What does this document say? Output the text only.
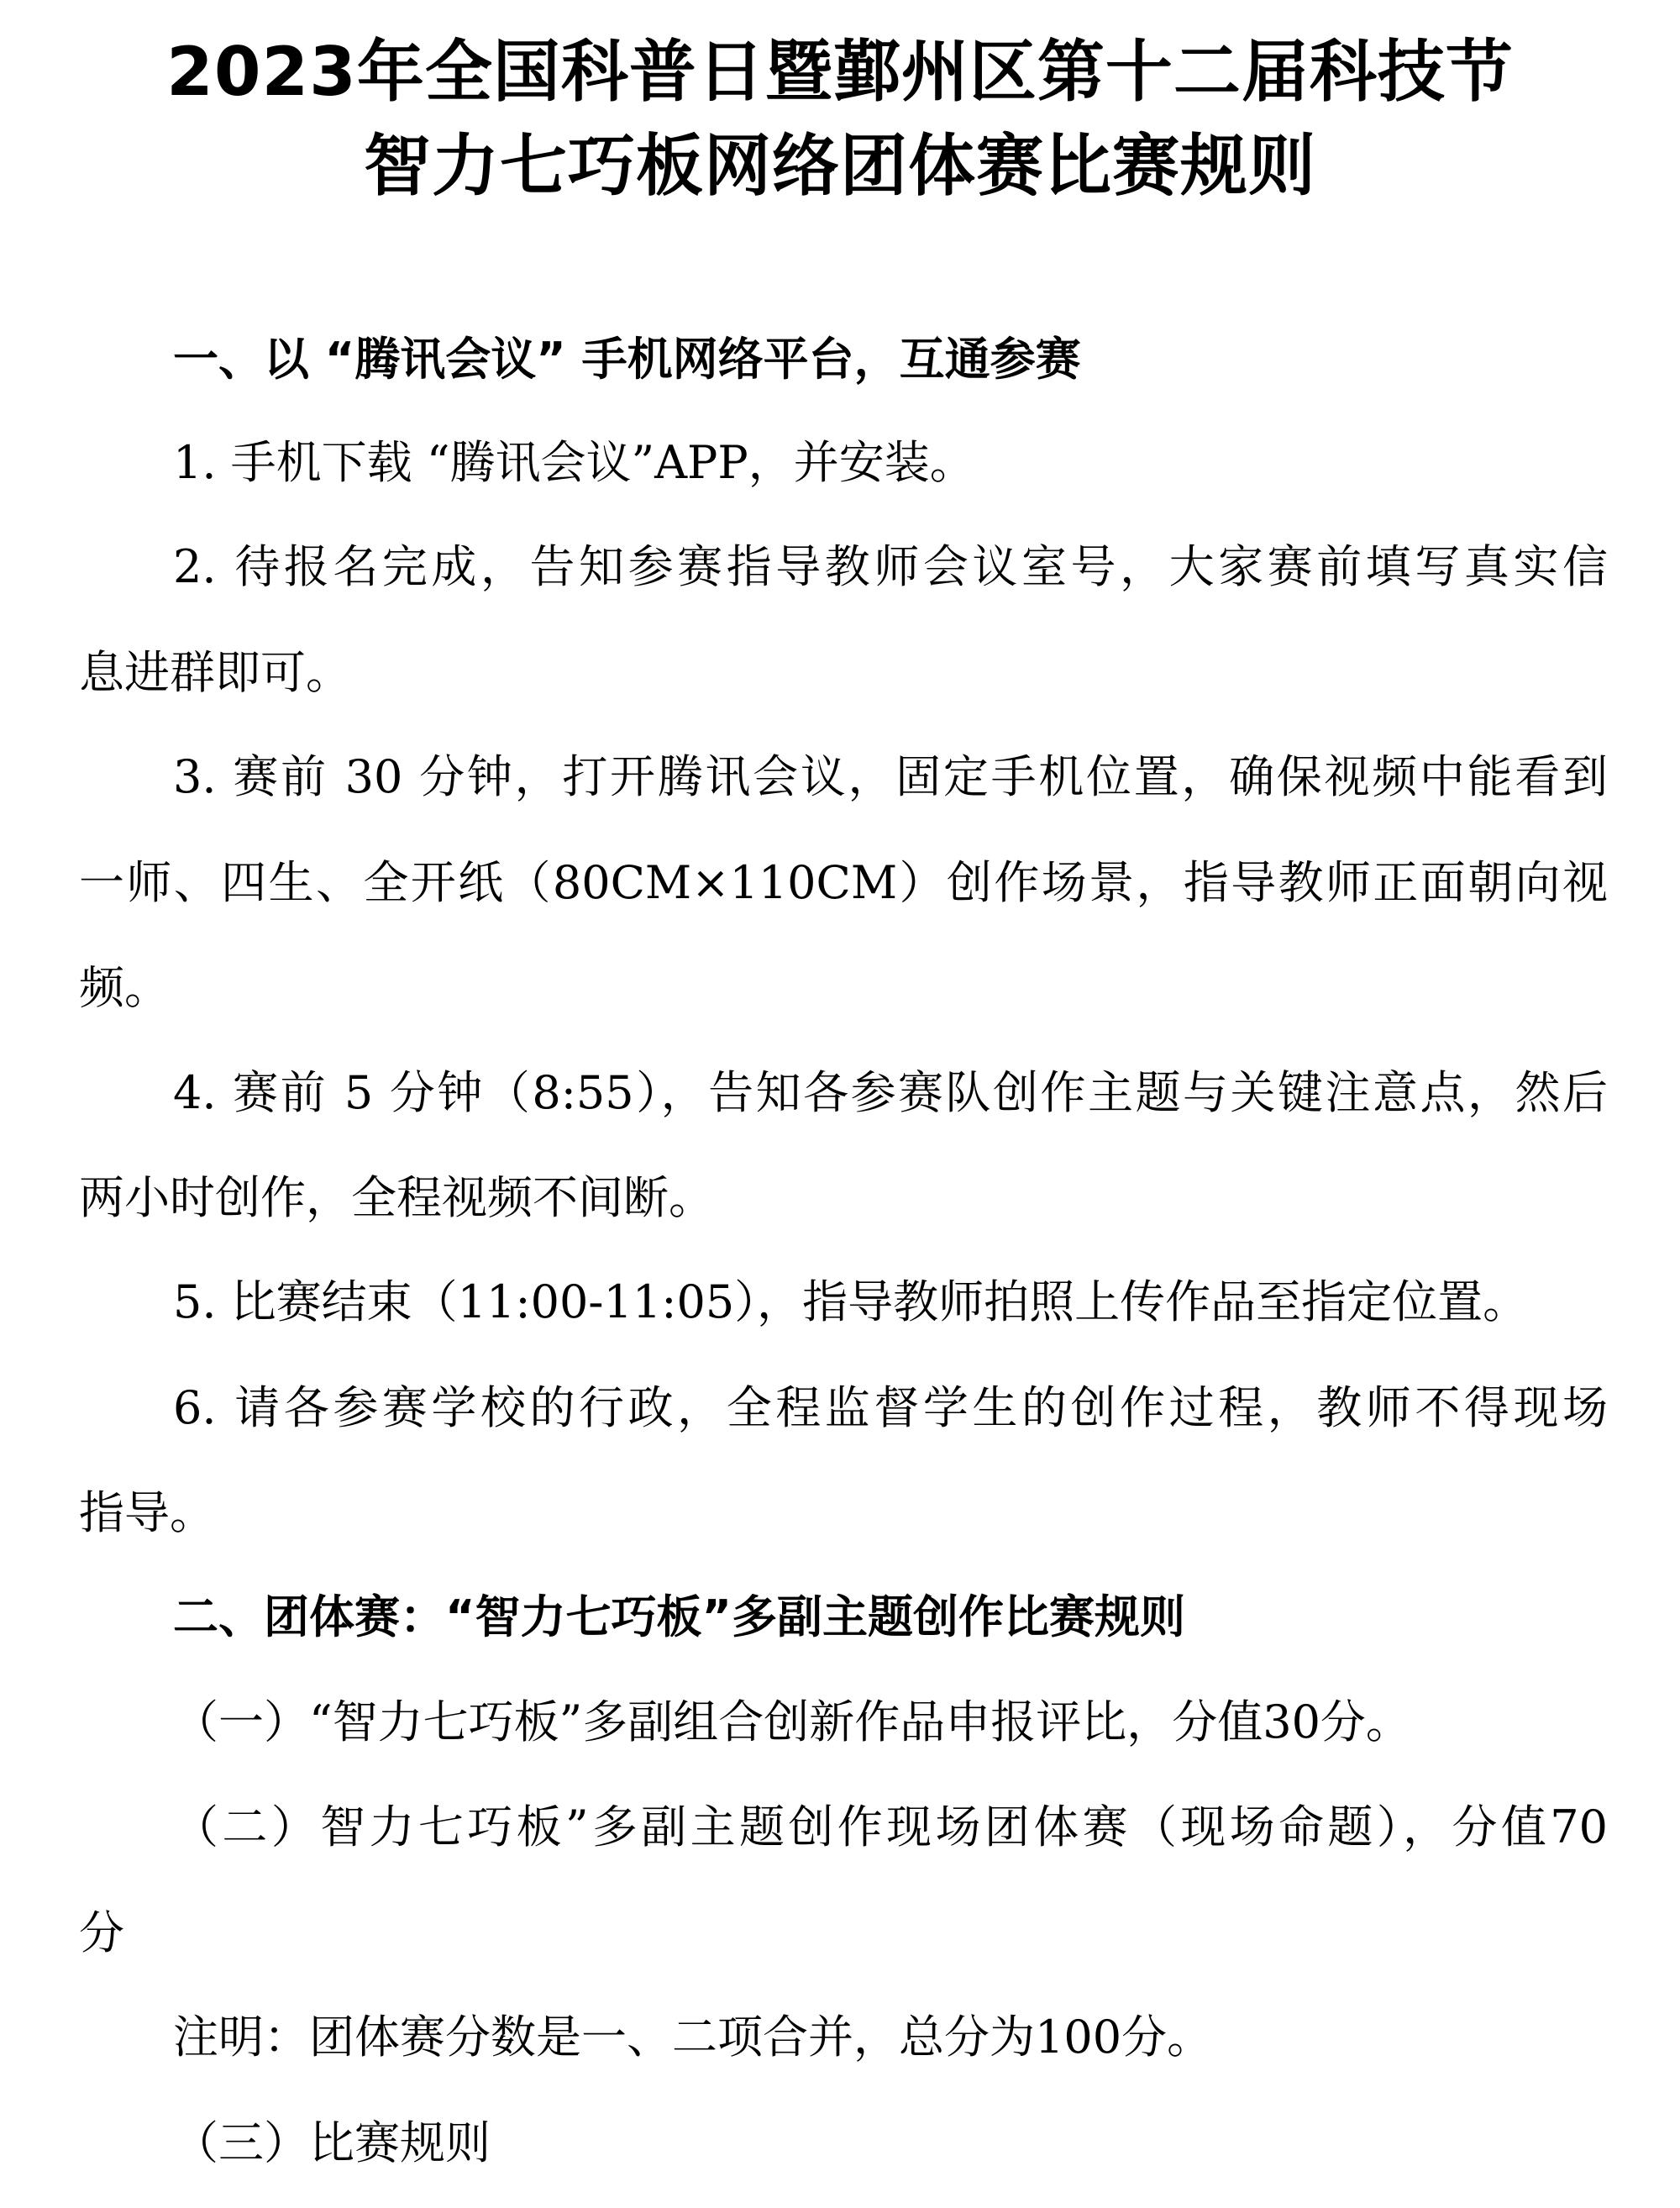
2023年全国科普日暨鄞州区第十二届科技节
智力七巧板网络团体赛比赛规则
一、以 “腾讯会议” 手机网络平台，互通参赛
1. 手机下载 “腾讯会议”APP，并安装。
2. 待报名完成，告知参赛指导教师会议室号，大家赛前填写真实信
息进群即可。
3. 赛前 30 分钟，打开腾讯会议，固定手机位置，确保视频中能看到
一师、四生、全开纸（80CM×110CM）创作场景，指导教师正面朝向视
频。
4. 赛前 5 分钟（8:55），告知各参赛队创作主题与关键注意点，然后
两小时创作，全程视频不间断。
5. 比赛结束（11:00-11:05），指导教师拍照上传作品至指定位置。
6. 请各参赛学校的行政，全程监督学生的创作过程，教师不得现场
指导。
二、团体赛：“智力七巧板”多副主题创作比赛规则
（一）“智力七巧板”多副组合创新作品申报评比，分值30分。
（二）智力七巧板”多副主题创作现场团体赛（现场命题），分值70
分
注明：团体赛分数是一、二项合并，总分为100分。
（三）比赛规则
